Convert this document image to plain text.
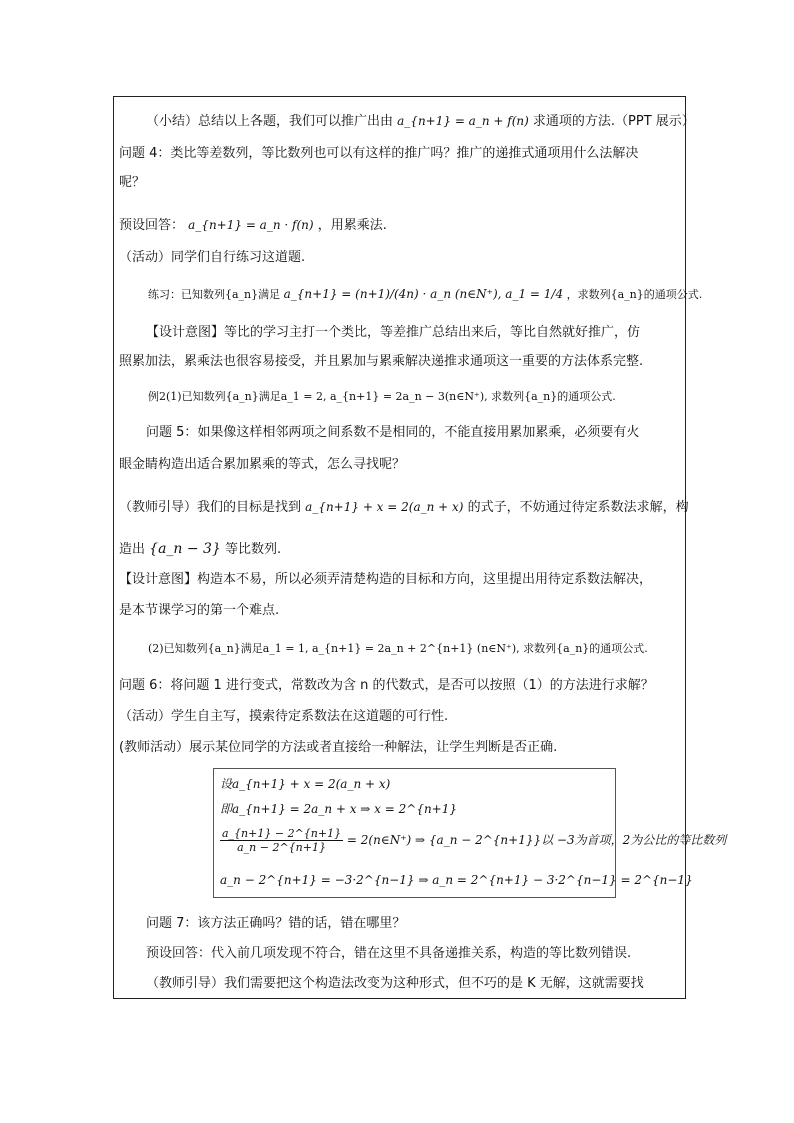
（小结）总结以上各题，我们可以推广出由 a_{n+1} = a_n + f(n) 求通项的方法.（PPT 展示）
问题 4：类比等差数列，等比数列也可以有这样的推广吗？推广的递推式通项用什么法解决
呢？
预设回答： a_{n+1} = a_n · f(n) ，用累乘法.
（活动）同学们自行练习这道题.
练习：已知数列{a_n}满足 a_{n+1} = (n+1)/(4n) · a_n (n∈N⁺), a_1 = 1/4 ，求数列{a_n}的通项公式.
【设计意图】等比的学习主打一个类比，等差推广总结出来后，等比自然就好推广，仿
照累加法，累乘法也很容易接受，并且累加与累乘解决递推求通项这一重要的方法体系完整.
例2(1)已知数列{a_n}满足a_1 = 2, a_{n+1} = 2a_n − 3(n∈N⁺), 求数列{a_n}的通项公式.
问题 5：如果像这样相邻两项之间系数不是相同的，不能直接用累加累乘，必须要有火
眼金睛构造出适合累加累乘的等式，怎么寻找呢？
（教师引导）我们的目标是找到 a_{n+1} + x = 2(a_n + x) 的式子，不妨通过待定系数法求解，构
造出 {a_n − 3} 等比数列.
【设计意图】构造本不易，所以必须弄清楚构造的目标和方向，这里提出用待定系数法解决，
是本节课学习的第一个难点.
(2)已知数列{a_n}满足a_1 = 1, a_{n+1} = 2a_n + 2^{n+1} (n∈N⁺), 求数列{a_n}的通项公式.
问题 6：将问题 1 进行变式，常数改为含 n 的代数式，是否可以按照（1）的方法进行求解？
（活动）学生自主写，摸索待定系数法在这道题的可行性.
(教师活动）展示某位同学的方法或者直接给一种解法，让学生判断是否正确.
设a_{n+1} + x = 2(a_n + x)
即a_{n+1} = 2a_n + x ⇒ x = 2^{n+1}
$\frac{a\_\{n+1\} - 2\^{}\{n+1\}}{a\_n - 2\^{}\{n+1\}}$ = 2(n∈N⁺) ⇒ {a_n − 2^{n+1}}以 −3为首项，2为公比的等比数列
a_n − 2^{n+1} = −3·2^{n−1} ⇒ a_n = 2^{n+1} − 3·2^{n−1} = 2^{n−1}
问题 7：该方法正确吗？错的话，错在哪里？
预设回答：代入前几项发现不符合，错在这里不具备递推关系，构造的等比数列错误.
（教师引导）我们需要把这个构造法改变为这种形式，但不巧的是 K 无解，这就需要找
